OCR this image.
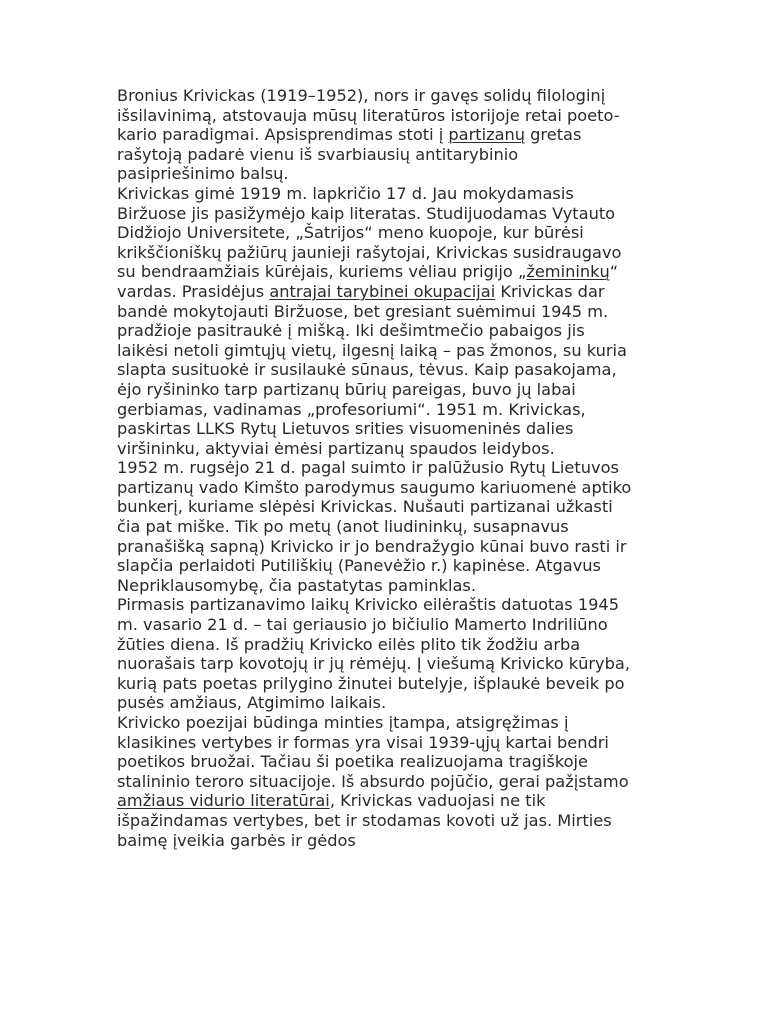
Bronius Krivickas (1919–1952), nors ir gavęs solidų filologinį išsilavinimą, atstovauja mūsų literatūros istorijoje retai poeto-kario paradigmai. Apsisprendimas stoti į partizanų gretas rašytoją padarė vienu iš svarbiausių antitarybinio pasipriešinimo balsų.

Krivickas gimė 1919 m. lapkričio 17 d. Jau mokydamasis Biržuose jis pasižymėjo kaip literatas. Studijuodamas Vytauto Didžiojo Universitete, „Šatrijos“ meno kuopoje, kur būrėsi krikščioniškų pažiūrų jaunieji rašytojai, Krivickas susidraugavo su bendraamžiais kūrėjais, kuriems vėliau prigijo „žemininkų“ vardas. Prasidėjus antrajai tarybinei okupacijai Krivickas dar bandė mokytojauti Biržuose, bet gresiant suėmimui 1945 m. pradžioje pasitraukė į mišką. Iki dešimtmečio pabaigos jis laikėsi netoli gimtųjų vietų, ilgesnį laiką – pas žmonos, su kuria slapta susituokė ir susilaukė sūnaus, tėvus. Kaip pasakojama, ėjo ryšininko tarp partizanų būrių pareigas, buvo jų labai gerbiamas, vadinamas „profesoriumi“. 1951 m. Krivickas, paskirtas LLKS Rytų Lietuvos srities visuomeninės dalies viršininku, aktyviai ėmėsi partizanų spaudos leidybos.

1952 m. rugsėjo 21 d. pagal suimto ir palūžusio Rytų Lietuvos partizanų vado Kimšto parodymus saugumo kariuomenė aptiko bunkerį, kuriame slėpėsi Krivickas. Nušauti partizanai užkasti čia pat miške. Tik po metų (anot liudininkų, susapnavus pranašišką sapną) Krivicko ir jo bendražygio kūnai buvo rasti ir slapčia perlaidoti Putiliškių (Panevėžio r.) kapinėse. Atgavus Nepriklausomybę, čia pastatytas paminklas.

Pirmasis partizanavimo laikų Krivicko eilėraštis datuotas 1945 m. vasario 21 d. – tai geriausio jo bičiulio Mamerto Indriliūno žūties diena. Iš pradžių Krivicko eilės plito tik žodžiu arba nuorašais tarp kovotojų ir jų rėmėjų. Į viešumą Krivicko kūryba, kurią pats poetas prilygino žinutei butelyje, išplaukė beveik po pusės amžiaus, Atgimimo laikais.

Krivicko poezijai būdinga minties įtampa, atsigręžimas į klasikines vertybes ir formas yra visai 1939-ųjų kartai bendri poetikos bruožai. Tačiau ši poetika realizuojama tragiškoje stalininio teroro situacijoje. Iš absurdo pojūčio, gerai pažįstamo amžiaus vidurio literatūrai, Krivickas vaduojasi ne tik išpažindamas vertybes, bet ir stodamas kovoti už jas. Mirties baimę įveikia garbės ir gėdos
